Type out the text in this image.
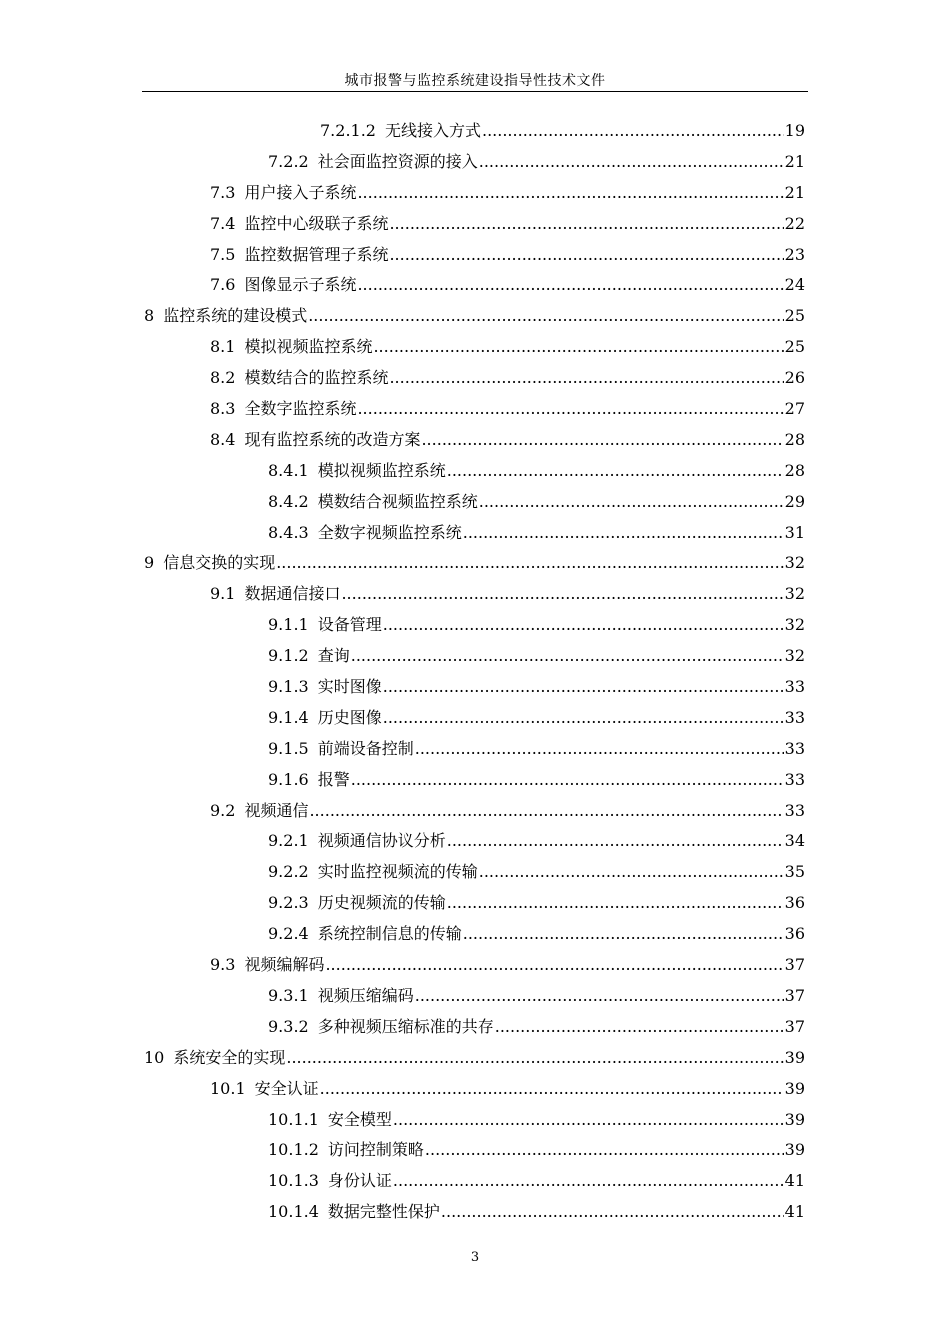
城市报警与监控系统建设指导性技术文件
7.2.1.2 无线接入方式 .....	19
7.2.2 社会面监控资源的接入 .....	21
7.3 用户接入子系统 .....	21
7.4 监控中心级联子系统 .....	22
7.5 监控数据管理子系统 .....	23
7.6 图像显示子系统 .....	24
8 监控系统的建设模式 .....	25
8.1 模拟视频监控系统 .....	25
8.2 模数结合的监控系统 .....	26
8.3 全数字监控系统 .....	27
8.4 现有监控系统的改造方案 .....	28
8.4.1 模拟视频监控系统 .....	28
8.4.2 模数结合视频监控系统 .....	29
8.4.3 全数字视频监控系统 .....	31
9 信息交换的实现 .....	32
9.1 数据通信接口 .....	32
9.1.1 设备管理 .....	32
9.1.2 查询 .....	32
9.1.3 实时图像 .....	33
9.1.4 历史图像 .....	33
9.1.5 前端设备控制 .....	33
9.1.6 报警 .....	33
9.2 视频通信 .....	33
9.2.1 视频通信协议分析 .....	34
9.2.2 实时监控视频流的传输 .....	35
9.2.3 历史视频流的传输 .....	36
9.2.4 系统控制信息的传输 .....	36
9.3 视频编解码 .....	37
9.3.1 视频压缩编码 .....	37
9.3.2 多种视频压缩标准的共存 .....	37
10 系统安全的实现 .....	39
10.1 安全认证 .....	39
10.1.1 安全模型 .....	39
10.1.2 访问控制策略 .....	39
10.1.3 身份认证 .....	41
10.1.4 数据完整性保护 .....	41
3
